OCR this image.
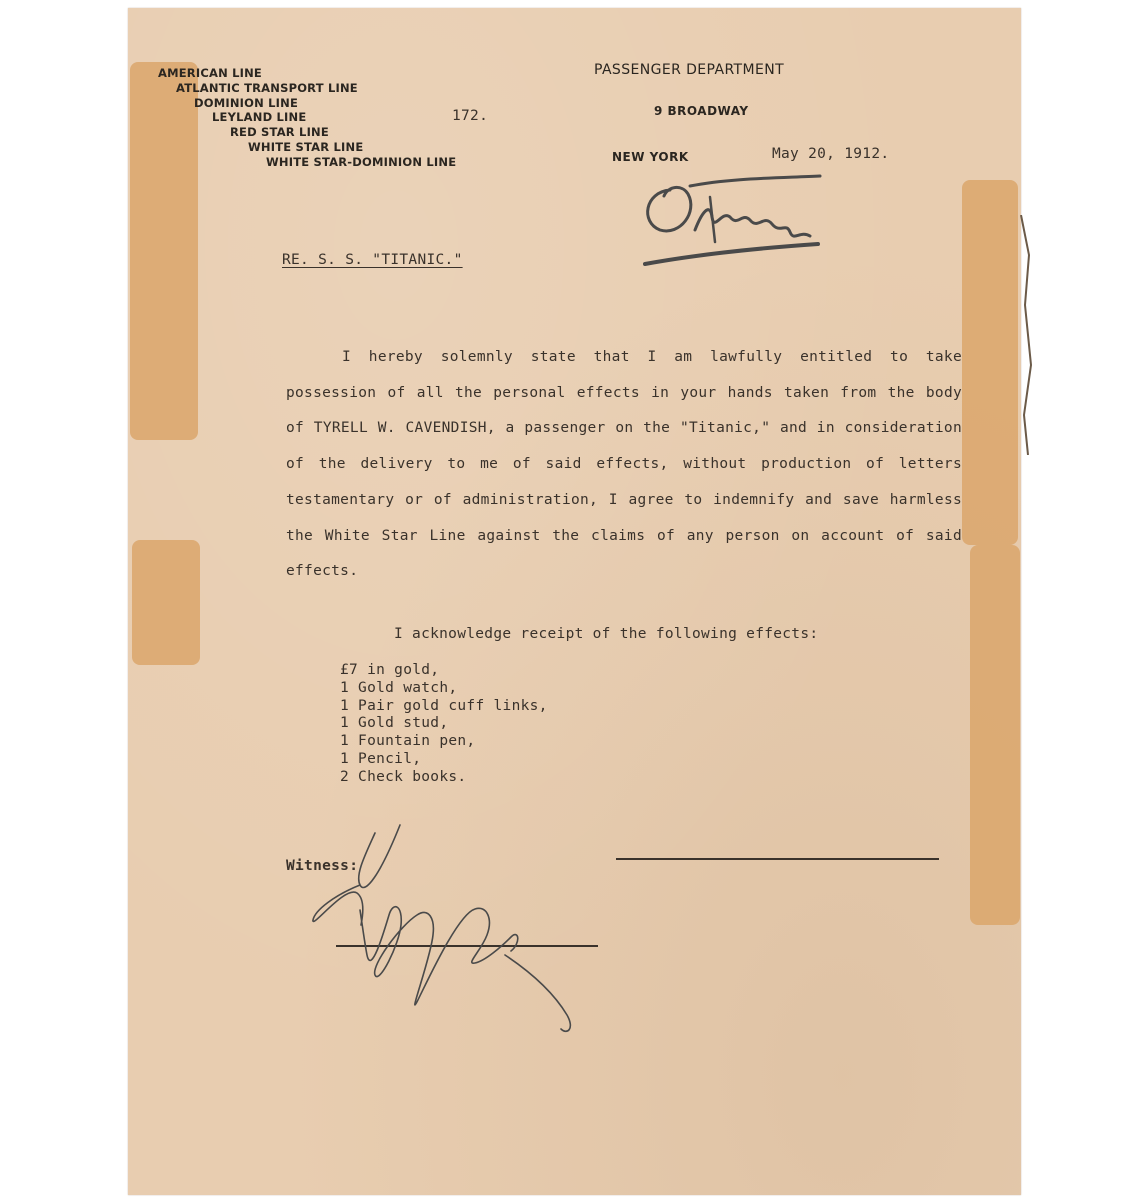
AMERICAN LINE
ATLANTIC TRANSPORT LINE
DOMINION LINE
LEYLAND LINE
RED STAR LINE
WHITE STAR LINE
WHITE STAR-DOMINION LINE
172.
PASSENGER DEPARTMENT
9 BROADWAY
NEW YORK	May 20, 1912.
RE. S. S. "TITANIC."

I hereby solemnly state that I am lawfully entitled to take possession of all the personal effects in your hands taken from the body of TYRELL W. CAVENDISH, a passenger on the "Titanic," and in consideration of the delivery to me of said effects, without production of letters testamentary or of administration, I agree to indemnify and save harmless the White Star Line against the claims of any person on account of said effects.

I acknowledge receipt of the following effects:
£7 in gold,
1 Gold watch,
1 Pair gold cuff links,
1 Gold stud,
1 Fountain pen,
1 Pencil,
2 Check books.
Witness:
